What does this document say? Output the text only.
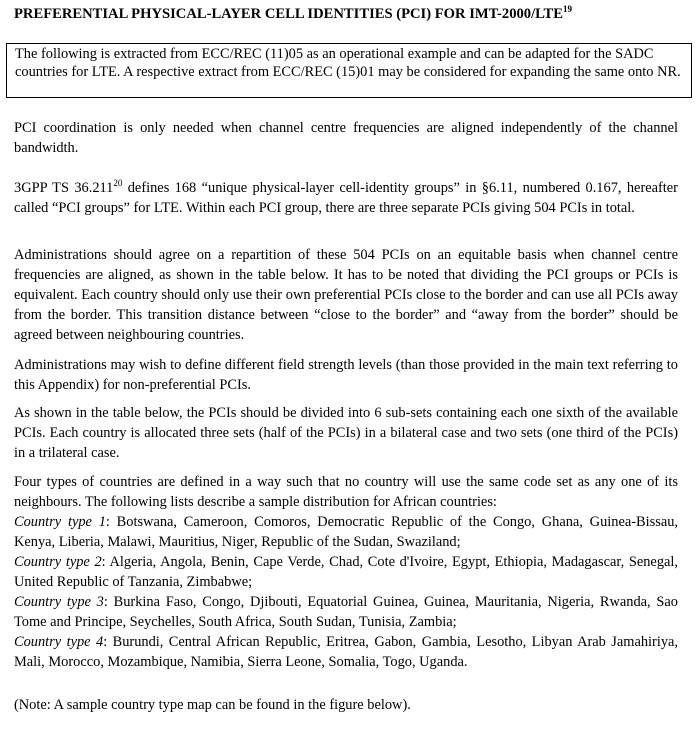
PREFERENTIAL PHYSICAL-LAYER CELL IDENTITIES (PCI) FOR IMT-2000/LTE$^{19}$

The following is extracted from ECC/REC (11)05 as an operational example and can be adapted for the SADC countries for LTE. A respective extract from ECC/REC (15)01 may be considered for expanding the same onto NR.

PCI coordination is only needed when channel centre frequencies are aligned independently of the channel bandwidth.

3GPP TS 36.211$^{20}$ defines 168 “unique physical-layer cell-identity groups” in §6.11, numbered 0.167, hereafter called “PCI groups” for LTE. Within each PCI group, there are three separate PCIs giving 504 PCIs in total.

Administrations should agree on a repartition of these 504 PCIs on an equitable basis when channel centre frequencies are aligned, as shown in the table below. It has to be noted that dividing the PCI groups or PCIs is equivalent. Each country should only use their own preferential PCIs close to the border and can use all PCIs away from the border. This transition distance between “close to the border” and “away from the border” should be agreed between neighbouring countries.

Administrations may wish to define different field strength levels (than those provided in the main text referring to this Appendix) for non-preferential PCIs.

As shown in the table below, the PCIs should be divided into 6 sub-sets containing each one sixth of the available PCIs. Each country is allocated three sets (half of the PCIs) in a bilateral case and two sets (one third of the PCIs) in a trilateral case.

Four types of countries are defined in a way such that no country will use the same code set as any one of its neighbours. The following lists describe a sample distribution for African countries:

Country type 1: Botswana, Cameroon, Comoros, Democratic Republic of the Congo, Ghana, Guinea-Bissau, Kenya, Liberia, Malawi, Mauritius, Niger, Republic of the Sudan, Swaziland;

Country type 2: Algeria, Angola, Benin, Cape Verde, Chad, Cote d'Ivoire, Egypt, Ethiopia, Madagascar, Senegal, United Republic of Tanzania, Zimbabwe;

Country type 3: Burkina Faso, Congo, Djibouti, Equatorial Guinea, Guinea, Mauritania, Nigeria, Rwanda, Sao Tome and Principe, Seychelles, South Africa, South Sudan, Tunisia, Zambia;

Country type 4: Burundi, Central African Republic, Eritrea, Gabon, Gambia, Lesotho, Libyan Arab Jamahiriya, Mali, Morocco, Mozambique, Namibia, Sierra Leone, Somalia, Togo, Uganda.

(Note: A sample country type map can be found in the figure below).
